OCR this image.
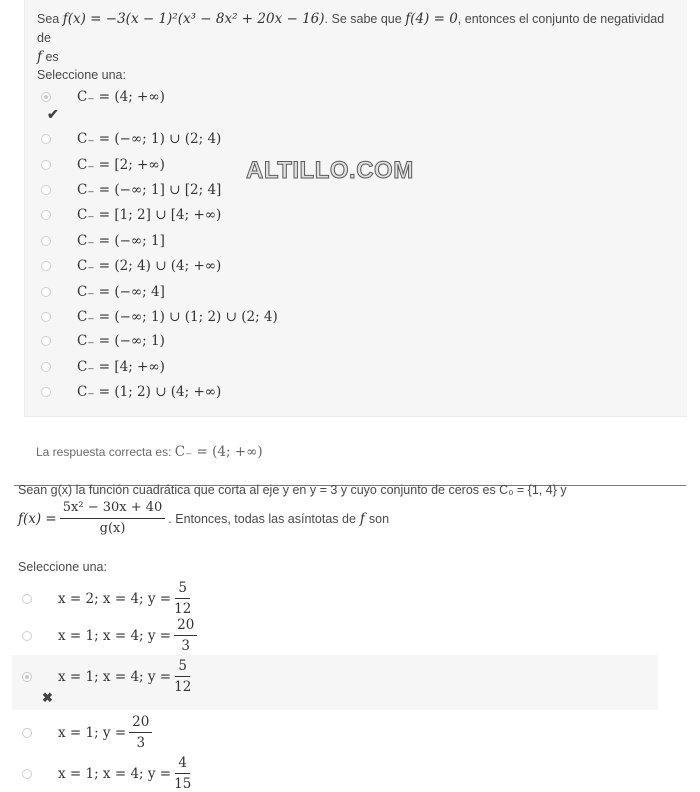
Sea f(x) = −3(x − 1)²(x³ − 8x² + 20x − 16). Se sabe que f(4) = 0, entonces el conjunto de negatividad de
f es
Seleccione una:
C₋ = (4; +∞)
✔
C₋ = (−∞; 1) ∪ (2; 4)
C₋ = [2; +∞)
C₋ = (−∞; 1] ∪ [2; 4]
C₋ = [1; 2] ∪ [4; +∞)
C₋ = (−∞; 1]
C₋ = (2; 4) ∪ (4; +∞)
C₋ = (−∞; 4]
C₋ = (−∞; 1) ∪ (1; 2) ∪ (2; 4)
C₋ = (−∞; 1)
C₋ = [4; +∞)
C₋ = (1; 2) ∪ (4; +∞)
ALTILLO.COM
La respuesta correcta es: C₋ = (4; +∞)
Sean g(x) la función cuadrática que corta al eje y en y = 3 y cuyo conjunto de ceros es C₀ = {1, 4} y
$f(x) = \frac{\text{5x² − 30x + 40}}{g(x)}$ . Entonces, todas las asíntotas de f son
Seleccione una:
x = 2; x = 4; $y = \frac{5}{12}$
x = 1; x = 4; $y = \frac{20}{3}$
x = 1; x = 4; $y = \frac{5}{12}$
✖
x = 1; $y = \frac{20}{3}$
x = 1; x = 4; $y = \frac{4}{15}$
